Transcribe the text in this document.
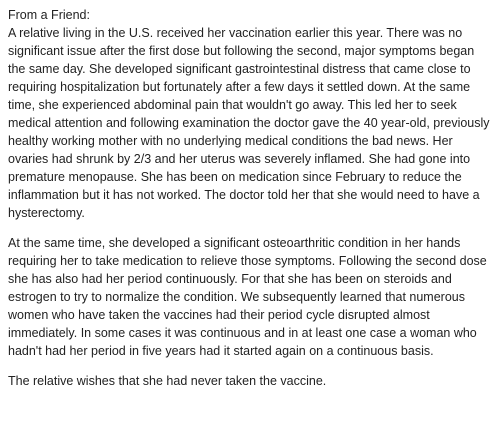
From a Friend:

A relative living in the U.S. received her vaccination earlier this year. There was no significant issue after the first dose but following the second, major symptoms began the same day. She developed significant gastrointestinal distress that came close to requiring hospitalization but fortunately after a few days it settled down. At the same time, she experienced abdominal pain that wouldn't go away. This led her to seek medical attention and following examination the doctor gave the 40 year-old, previously healthy working mother with no underlying medical conditions the bad news. Her ovaries had shrunk by 2/3 and her uterus was severely inflamed. She had gone into premature menopause. She has been on medication since February to reduce the inflammation but it has not worked. The doctor told her that she would need to have a hysterectomy.

At the same time, she developed a significant osteoarthritic condition in her hands requiring her to take medication to relieve those symptoms. Following the second dose she has also had her period continuously. For that she has been on steroids and estrogen to try to normalize the condition. We subsequently learned that numerous women who have taken the vaccines had their period cycle disrupted almost immediately. In some cases it was continuous and in at least one case a woman who hadn't had her period in five years had it started again on a continuous basis.

The relative wishes that she had never taken the vaccine.
